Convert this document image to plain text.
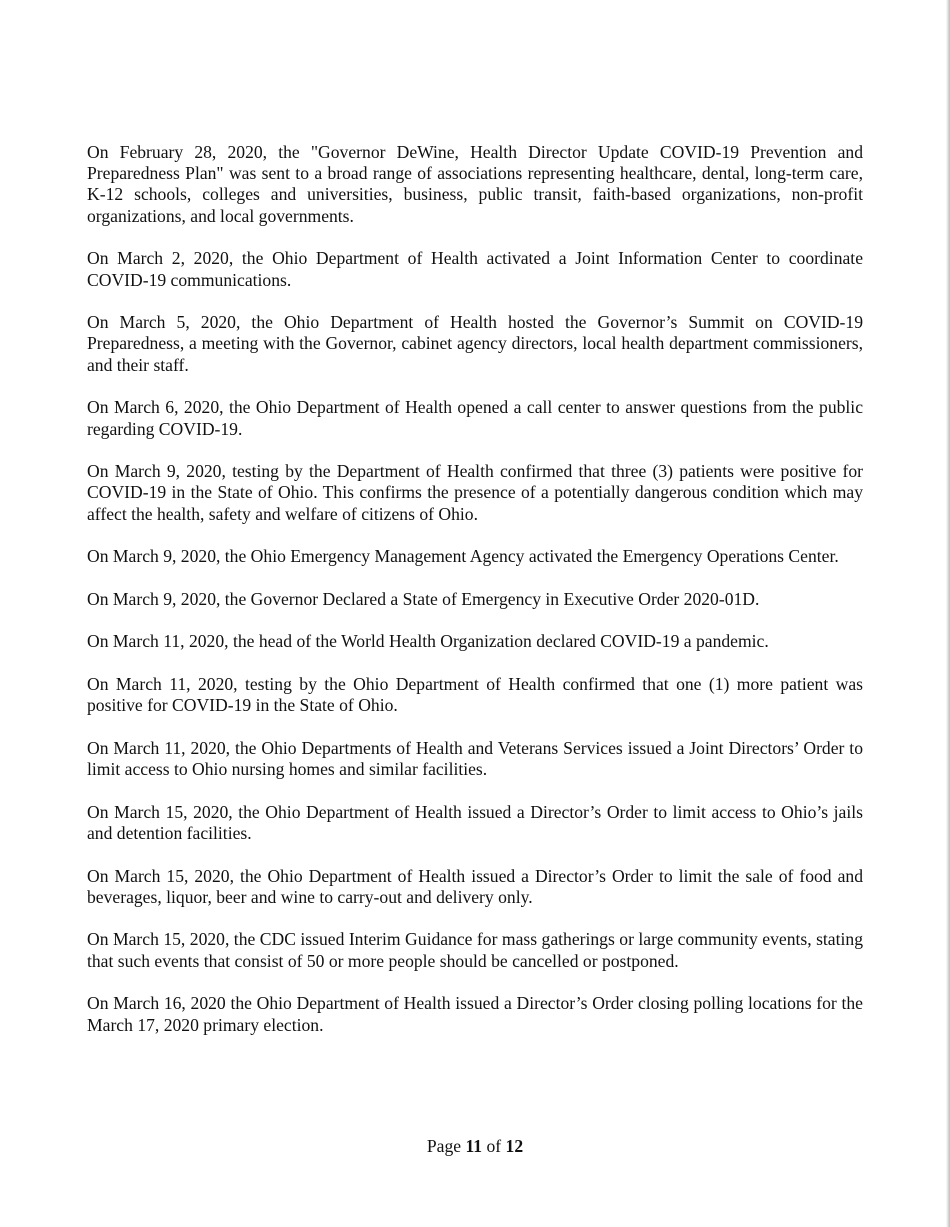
On February 28, 2020, the "Governor DeWine, Health Director Update COVID-19 Prevention and Preparedness Plan" was sent to a broad range of associations representing healthcare, dental, long-term care, K-12 schools, colleges and universities, business, public transit, faith-based organizations, non-profit organizations, and local governments.

On March 2, 2020, the Ohio Department of Health activated a Joint Information Center to coordinate COVID-19 communications.

On March 5, 2020, the Ohio Department of Health hosted the Governor’s Summit on COVID-19 Preparedness, a meeting with the Governor, cabinet agency directors, local health department commissioners, and their staff.

On March 6, 2020, the Ohio Department of Health opened a call center to answer questions from the public regarding COVID-19.

On March 9, 2020, testing by the Department of Health confirmed that three (3) patients were positive for COVID-19 in the State of Ohio. This confirms the presence of a potentially dangerous condition which may affect the health, safety and welfare of citizens of Ohio.

On March 9, 2020, the Ohio Emergency Management Agency activated the Emergency Operations Center.

On March 9, 2020, the Governor Declared a State of Emergency in Executive Order 2020-01D.

On March 11, 2020, the head of the World Health Organization declared COVID-19 a pandemic.

On March 11, 2020, testing by the Ohio Department of Health confirmed that one (1) more patient was positive for COVID-19 in the State of Ohio.

On March 11, 2020, the Ohio Departments of Health and Veterans Services issued a Joint Directors’ Order to limit access to Ohio nursing homes and similar facilities.

On March 15, 2020, the Ohio Department of Health issued a Director’s Order to limit access to Ohio’s jails and detention facilities.

On March 15, 2020, the Ohio Department of Health issued a Director’s Order to limit the sale of food and beverages, liquor, beer and wine to carry-out and delivery only.

On March 15, 2020, the CDC issued Interim Guidance for mass gatherings or large community events, stating that such events that consist of 50 or more people should be cancelled or postponed.

On March 16, 2020 the Ohio Department of Health issued a Director’s Order closing polling locations for the March 17, 2020 primary election.

Page 11 of 12
